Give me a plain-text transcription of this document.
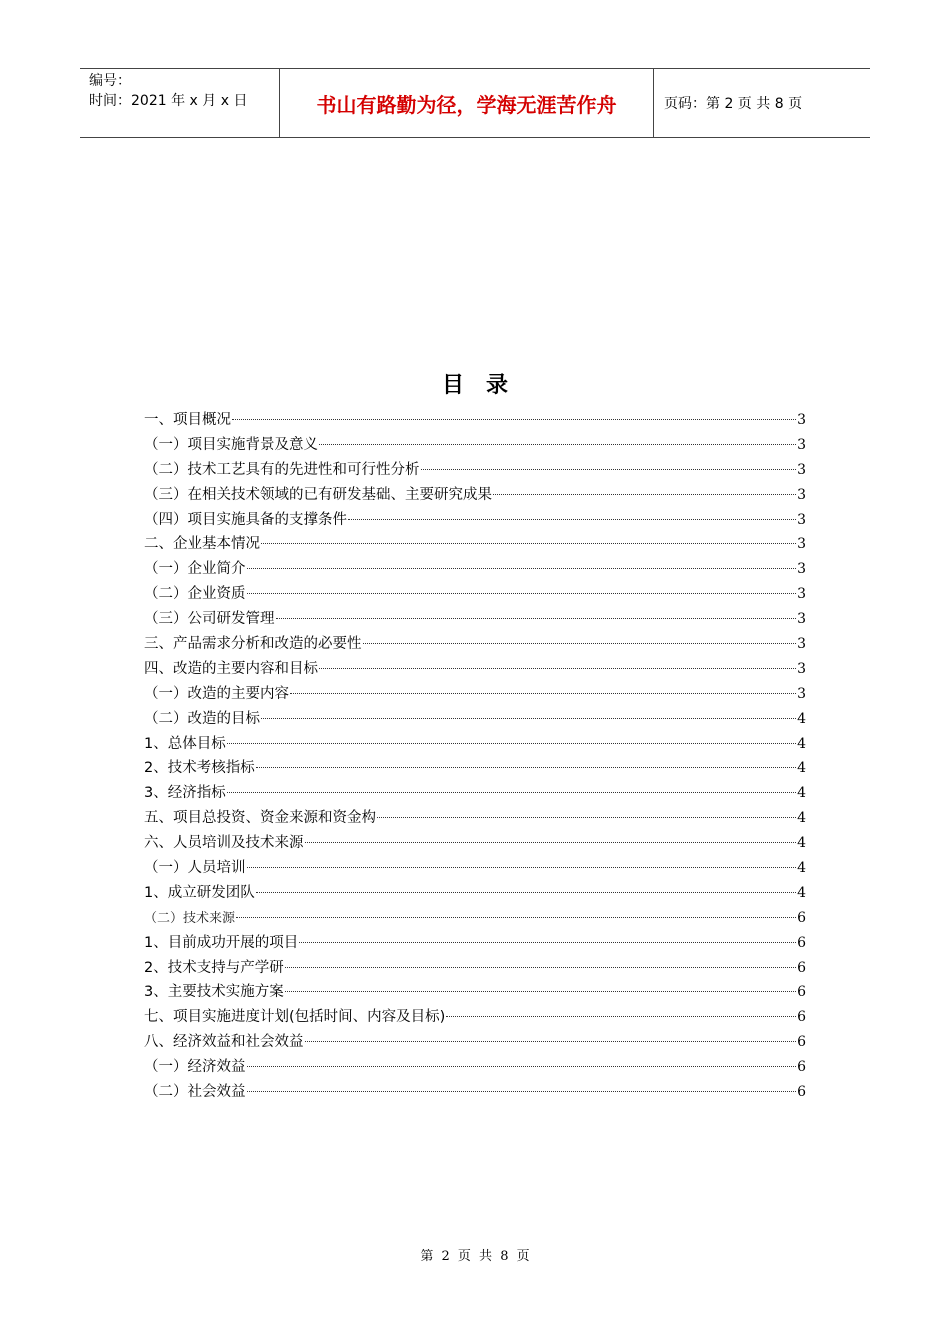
编号：
时间：2021 年 x 月 x 日	书山有路勤为径，学海无涯苦作舟	页码：第 2 页 共 8 页
目录
一、项目概况	3
（一）项目实施背景及意义	3
（二）技术工艺具有的先进性和可行性分析	3
（三）在相关技术领域的已有研发基础、主要研究成果	3
（四）项目实施具备的支撑条件	3
二、企业基本情况	3
（一）企业简介	3
（二）企业资质	3
（三）公司研发管理	3
三、产品需求分析和改造的必要性	3
四、改造的主要内容和目标	3
（一）改造的主要内容	3
（二）改造的目标	4
1、总体目标	4
2、技术考核指标	4
3、经济指标	4
五、项目总投资、资金来源和资金构	4
六、人员培训及技术来源	4
（一）人员培训	4
1、成立研发团队	4
（二）技术来源	6
1、目前成功开展的项目	6
2、技术支持与产学研	6
3、主要技术实施方案	6
七、项目实施进度计划(包括时间、内容及目标)	6
八、经济效益和社会效益	6
（一）经济效益	6
（二）社会效益	6
第 2 页 共 8 页
